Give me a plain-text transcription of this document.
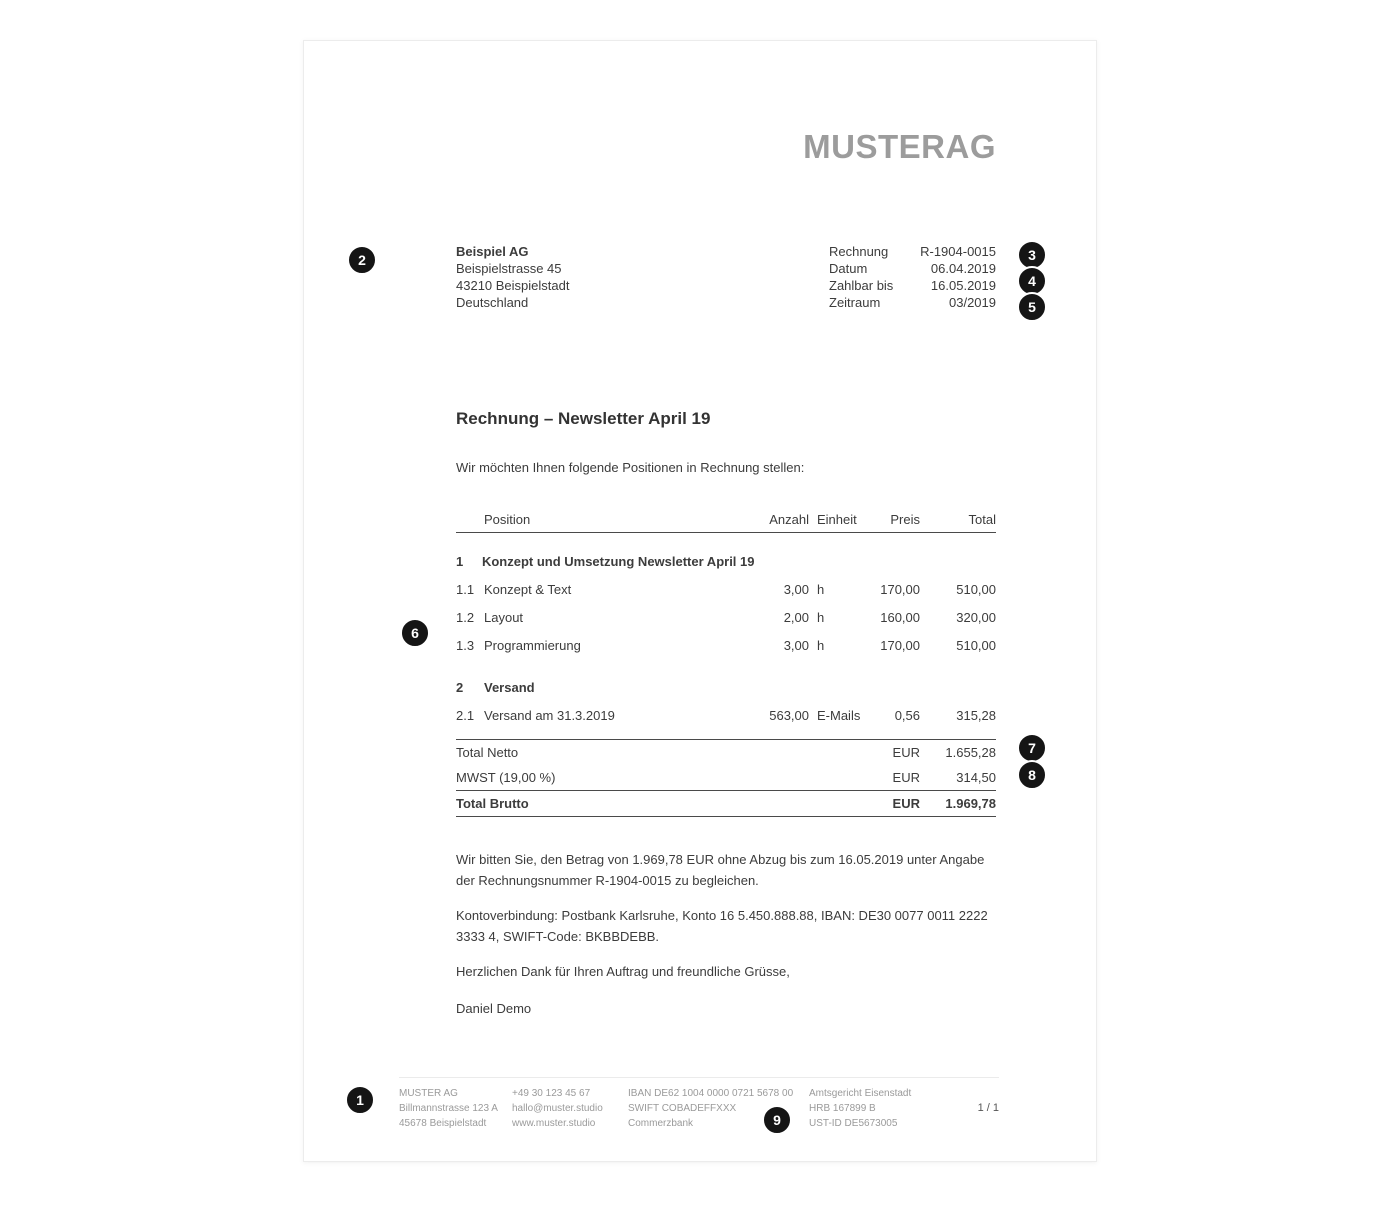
MUSTERAG
Beispiel AG
Beispielstrasse 45
43210 Beispielstadt
Deutschland
Rechnung R-1904-0015
Datum	06.04.2019
Zahlbar bis	16.05.2019
Zeitraum	03/2019
Rechnung – Newsletter April 19
Wir möchten Ihnen folgende Positionen in Rechnung stellen:
Position	Anzahl Einheit	Preis	Total
1	Konzept und Umsetzung Newsletter April 19
1.1 Konzept & Text	3,00 h	170,00	510,00
1.2 Layout	2,00 h	160,00	320,00
1.3 Programmierung	3,00 h	170,00	510,00
2	Versand
2.1 Versand am 31.3.2019	563,00 E-Mails	0,56	315,28
Total Netto	EUR	1.655,28
MWST (19,00 %)	EUR	314,50
Total Brutto	EUR	1.969,78
Wir bitten Sie, den Betrag von 1.969,78 EUR ohne Abzug bis zum 16.05.2019 unter Angabe der Rechnungsnummer R-1904-0015 zu begleichen.
Kontoverbindung: Postbank Karlsruhe, Konto 16 5.450.888.88, IBAN: DE30 0077 0011 2222 3333 4, SWIFT-Code: BKBBDEBB.
Herzlichen Dank für Ihren Auftrag und freundliche Grüsse,
Daniel Demo
MUSTER AG
Billmannstrasse 123 A
45678 Beispielstadt
+49 30 123 45 67
hallo@muster.studio
www.muster.studio
IBAN DE62 1004 0000 0721 5678 00
SWIFT COBADEFFXXX
Commerzbank
Amtsgericht Eisenstadt
HRB 167899 B
UST-ID DE5673005
1 / 1
1
2	3
4
5
6
7
8
9
